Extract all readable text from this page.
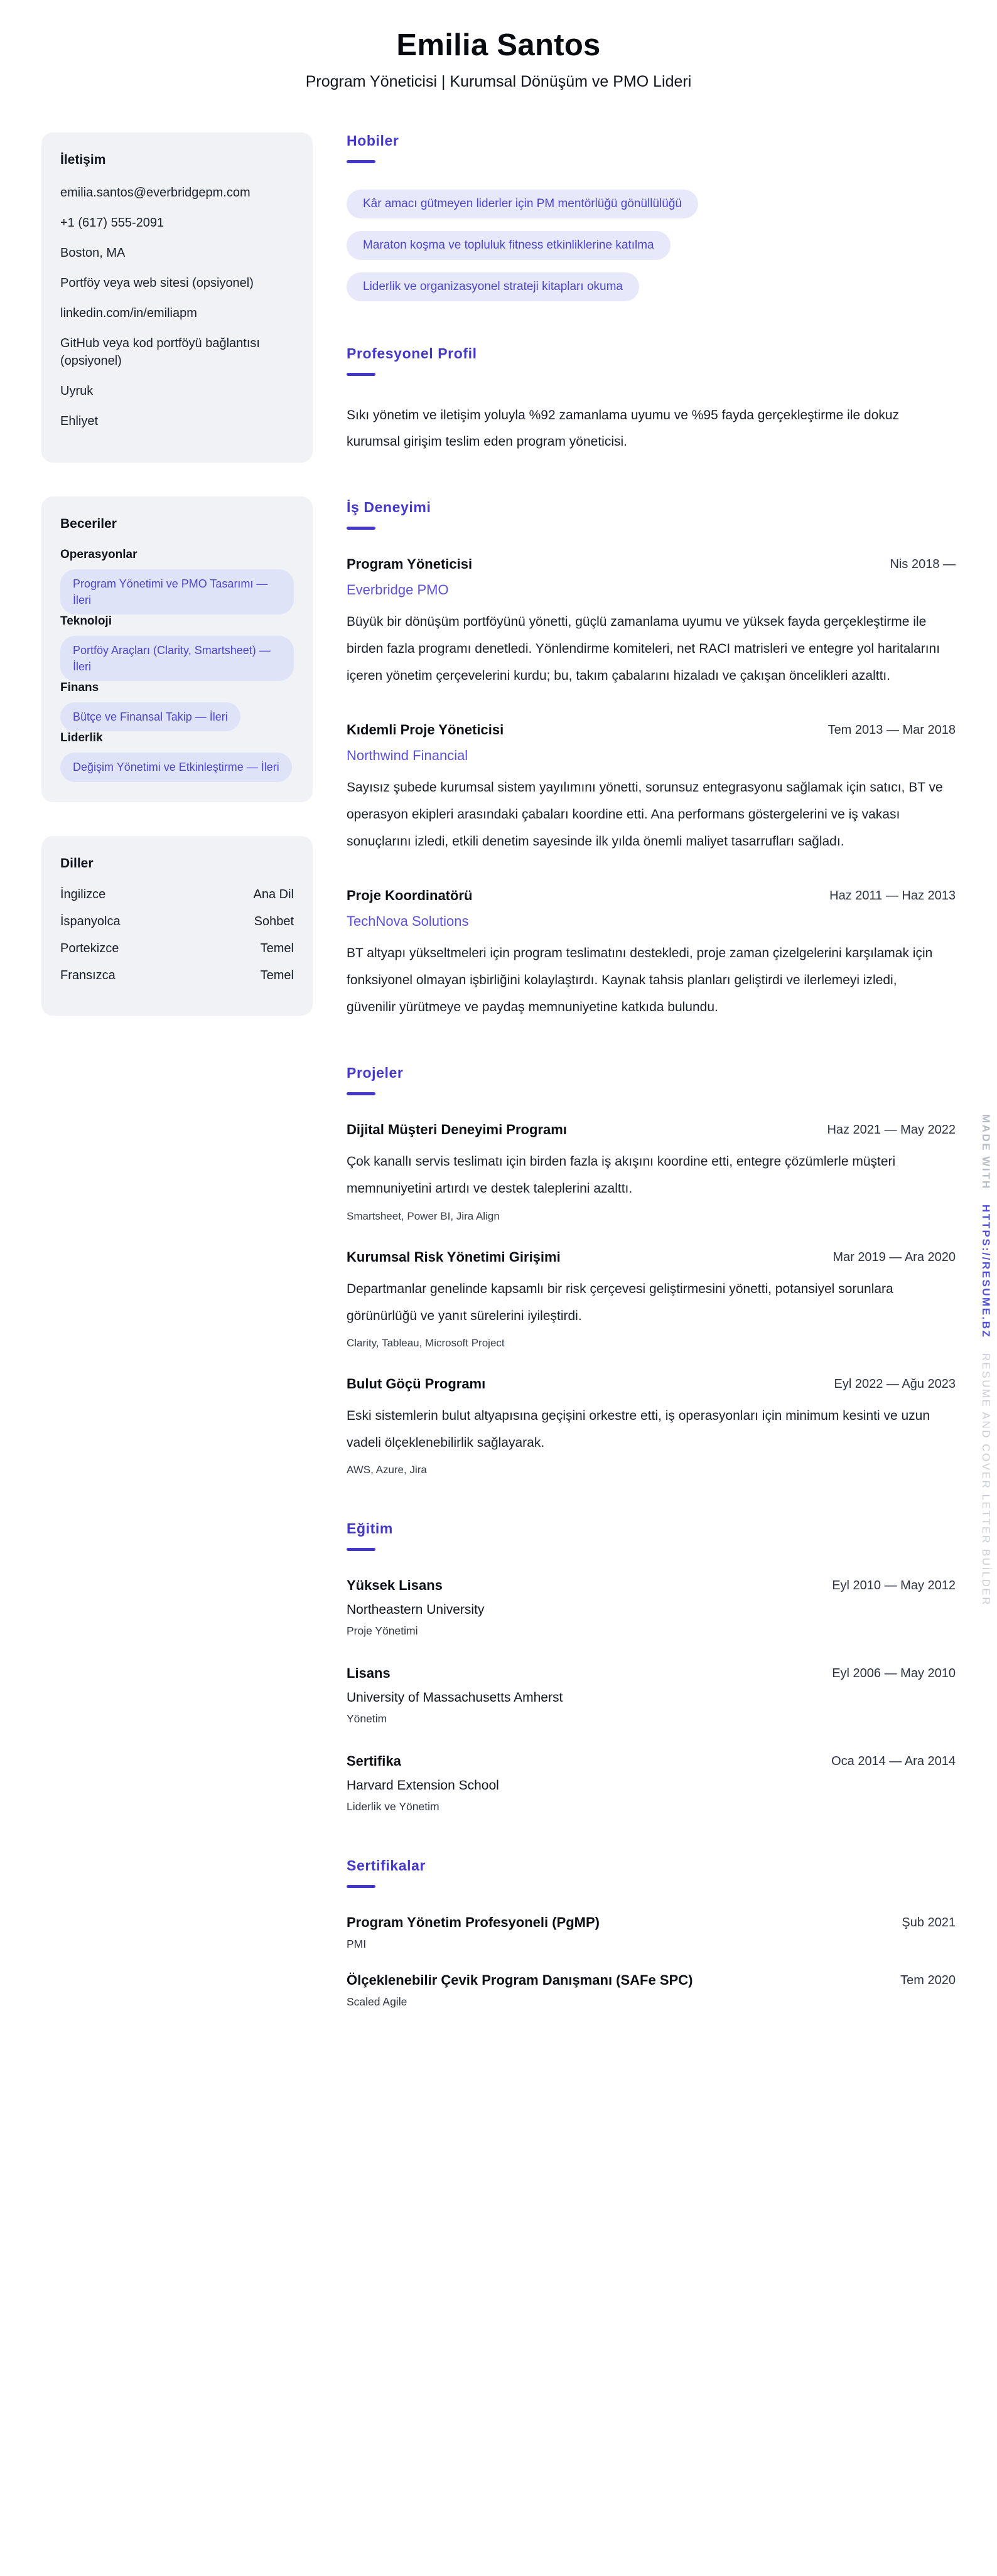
Emilia Santos
Program Yöneticisi | Kurumsal Dönüşüm ve PMO Lideri
İletişim
emilia.santos@everbridgepm.com
+1 (617) 555-2091
Boston, MA
Portföy veya web sitesi (opsiyonel)
linkedin.com/in/emiliapm
GitHub veya kod portföyü bağlantısı (opsiyonel)
Uyruk
Ehliyet
Beceriler
Operasyonlar
Program Yönetimi ve PMO Tasarımı — İleri
Teknoloji
Portföy Araçları (Clarity, Smartsheet) — İleri
Finans
Bütçe ve Finansal Takip — İleri
Liderlik
Değişim Yönetimi ve Etkinleştirme — İleri
Diller
İngilizce	Ana Dil
İspanyolca	Sohbet
Portekizce	Temel
Fransızca	Temel
Hobiler
Kâr amacı gütmeyen liderler için PM mentörlüğü gönüllülüğü
Maraton koşma ve topluluk fitness etkinliklerine katılma
Liderlik ve organizasyonel strateji kitapları okuma
Profesyonel Profil
Sıkı yönetim ve iletişim yoluyla %92 zamanlama uyumu ve %95 fayda gerçekleştirme ile dokuz kurumsal girişim teslim eden program yöneticisi.
İş Deneyimi
Program Yöneticisi
Everbridge PMO
Nis 2018 —
Büyük bir dönüşüm portföyünü yönetti, güçlü zamanlama uyumu ve yüksek fayda gerçekleştirme ile birden fazla programı denetledi. Yönlendirme komiteleri, net RACI matrisleri ve entegre yol haritalarını içeren yönetim çerçevelerini kurdu; bu, takım çabalarını hizaladı ve çakışan öncelikleri azalttı.
Kıdemli Proje Yöneticisi
Northwind Financial
Tem 2013 — Mar 2018
Sayısız şubede kurumsal sistem yayılımını yönetti, sorunsuz entegrasyonu sağlamak için satıcı, BT ve operasyon ekipleri arasındaki çabaları koordine etti. Ana performans göstergelerini ve iş vakası sonuçlarını izledi, etkili denetim sayesinde ilk yılda önemli maliyet tasarrufları sağladı.
Proje Koordinatörü
TechNova Solutions
Haz 2011 — Haz 2013
BT altyapı yükseltmeleri için program teslimatını destekledi, proje zaman çizelgelerini karşılamak için fonksiyonel olmayan işbirliğini kolaylaştırdı. Kaynak tahsis planları geliştirdi ve ilerlemeyi izledi, güvenilir yürütmeye ve paydaş memnuniyetine katkıda bulundu.
Projeler
Dijital Müşteri Deneyimi Programı	Haz 2021 — May 2022
Çok kanallı servis teslimatı için birden fazla iş akışını koordine etti, entegre çözümlerle müşteri memnuniyetini artırdı ve destek taleplerini azalttı.
Smartsheet, Power BI, Jira Align
Kurumsal Risk Yönetimi Girişimi	Mar 2019 — Ara 2020
Departmanlar genelinde kapsamlı bir risk çerçevesi geliştirmesini yönetti, potansiyel sorunlara görünürlüğü ve yanıt sürelerini iyileştirdi.
Clarity, Tableau, Microsoft Project
Bulut Göçü Programı	Eyl 2022 — Ağu 2023
Eski sistemlerin bulut altyapısına geçişini orkestre etti, iş operasyonları için minimum kesinti ve uzun vadeli ölçeklenebilirlik sağlayarak.
AWS, Azure, Jira
Eğitim
Yüksek Lisans	Eyl 2010 — May 2012
Northeastern University
Proje Yönetimi
Lisans	Eyl 2006 — May 2010
University of Massachusetts Amherst
Yönetim
Sertifika	Oca 2014 — Ara 2014
Harvard Extension School
Liderlik ve Yönetim
Sertifikalar
Program Yönetim Profesyoneli (PgMP)	Şub 2021
PMI
Ölçeklenebilir Çevik Program Danışmanı (SAFe SPC)	Tem 2020
Scaled Agile
MADE WITH HTTPS://RESUME.BZ RESUME AND COVER LETTER BUİLDER
